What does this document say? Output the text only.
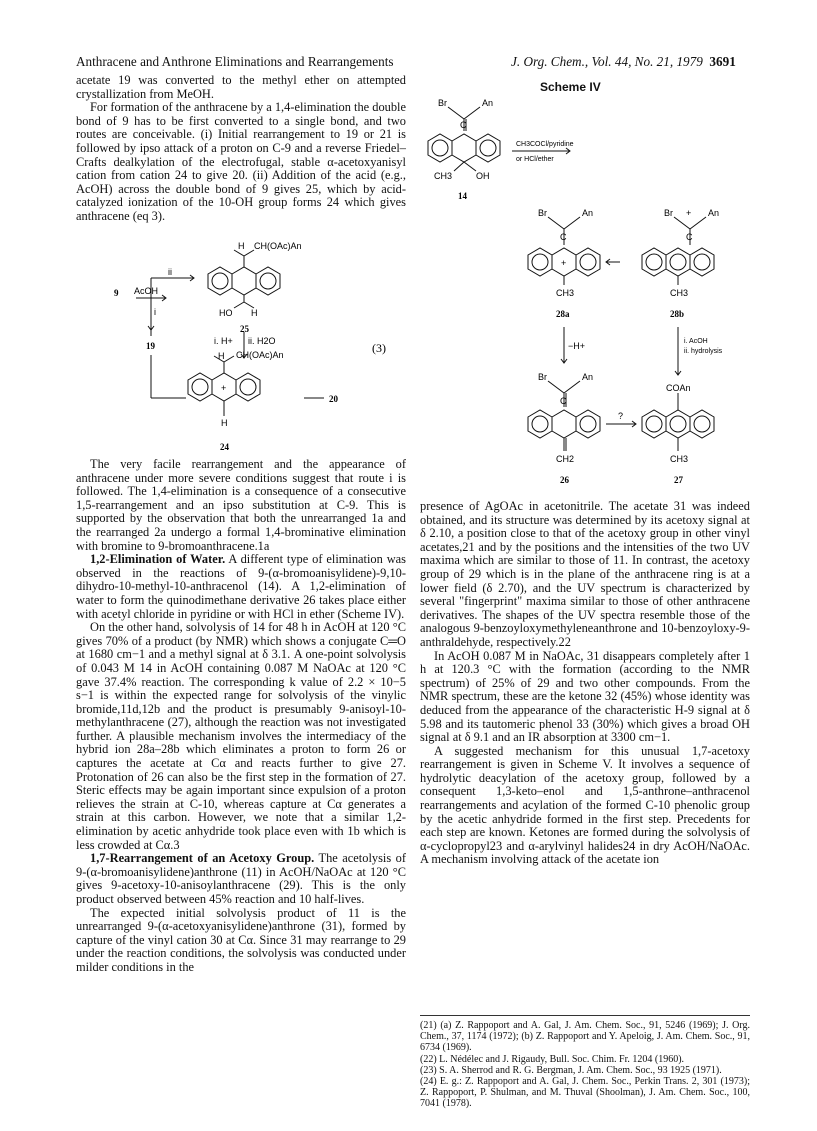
Anthracene and Anthrone Eliminations and Rearrangements	J. Org. Chem., Vol. 44, No. 21, 1979 3691

acetate 19 was converted to the methyl ether on attempted crystallization from MeOH.

For formation of the anthracene by a 1,4-elimination the double bond of 9 has to be first converted to a single bond, and two routes are conceivable. (i) Initial rearrangement to 19 or 21 is followed by ipso attack of a proton on C-9 and a reverse Friedel–Crafts dealkylation of the electrofugal, stable α-acetoxyanisyl cation from cation 24 to give 20. (ii) Addition of the acid (e.g., AcOH) across the double bond of 9 gives 25, which by acid-catalyzed ionization of the 10-OH group forms 24 which gives anthracene (eq 3).

H CH(OAc)An
HO H
25
9 AcOH
ii
i
19	i. H+ ii. H2O	(3)
H CH(OAc)An
+
H
20
24

The very facile rearrangement and the appearance of anthracene under more severe conditions suggest that route i is followed. The 1,4-elimination is a consequence of a consecutive 1,5-rearrangement and an ipso substitution at C-9. This is supported by the observation that both the unrearranged 1a and the rearranged 2a undergo a formal 1,4-brominative elimination with bromine to 9-bromoanthracene.1a

1,2-Elimination of Water. A different type of elimination was observed in the reactions of 9-(α-bromoanisylidene)-9,10-dihydro-10-methyl-10-anthracenol (14). A 1,2-elimination of water to form the quinodimethane derivative 26 takes place either with acetyl chloride in pyridine or with HCl in ether (Scheme IV).

On the other hand, solvolysis of 14 for 48 h in AcOH at 120 °C gives 70% of a product (by NMR) which shows a conjugate C═O at 1680 cm−1 and a methyl signal at δ 3.1. A one-point solvolysis of 0.043 M 14 in AcOH containing 0.087 M NaOAc at 120 °C gave 37.4% reaction. The corresponding k value of 2.2 × 10−5 s−1 is within the expected range for solvolysis of the vinylic bromide,11d,12b and the product is presumably 9-anisoyl-10-methylanthracene (27), although the reaction was not investigated further. A plausible mechanism involves the intermediacy of the hybrid ion 28a–28b which eliminates a proton to form 26 or captures the acetate at Cα and reacts further to give 27. Protonation of 26 can also be the first step in the formation of 27. Steric effects may be again important since expulsion of a proton relieves the strain at C-10, whereas capture at Cα generates a strain at this carbon. However, we note that a similar 1,2-elimination by acetic anhydride took place even with 1b which is less crowded at Cα.3

1,7-Rearrangement of an Acetoxy Group. The acetolysis of 9-(α-bromoanisylidene)anthrone (11) in AcOH/NaOAc at 120 °C gives 9-acetoxy-10-anisoylanthracene (29). This is the only product observed between 45% reaction and 10 half-lives.

The expected initial solvolysis product of 11 is the unrearranged 9-(α-acetoxyanisylidene)anthrone (31), formed by capture of the vinyl cation 30 at Cα. Since 31 may rearrange to 29 under the reaction conditions, the solvolysis was conducted under milder conditions in the

Scheme IV
Br	An
C
CH3	OH
14
CH3COCl/pyridine
or HCl/ether
Br	An
C
+
CH3
28a
Br + An
C
CH3
28b
−H+	i. AcOH
ii. hydrolysis
?
Br	An
C
CH2
26
COAn
CH3
27

presence of AgOAc in acetonitrile. The acetate 31 was indeed obtained, and its structure was determined by its acetoxy signal at δ 2.10, a position close to that of the acetoxy group in other vinyl acetates,21 and by the positions and the intensities of the two UV maxima which are similar to those of 11. In contrast, the acetoxy group of 29 which is in the plane of the anthracene ring is at a lower field (δ 2.70), and the UV spectrum is characterized by several "fingerprint" maxima similar to those of other anthracene derivatives. The shapes of the UV spectra resemble those of the analogous 9-benzoyloxymethyleneanthrone and 10-benzoyloxy-9-anthraldehyde, respectively.22

In AcOH 0.087 M in NaOAc, 31 disappears completely after 1 h at 120.3 °C with the formation (according to the NMR spectrum) of 25% of 29 and two other compounds. From the NMR spectrum, these are the ketone 32 (45%) whose identity was deduced from the appearance of the characteristic H-9 signal at δ 5.98 and its tautomeric phenol 33 (30%) which gives a broad OH signal at δ 9.1 and an IR absorption at 3300 cm−1.

A suggested mechanism for this unusual 1,7-acetoxy rearrangement is given in Scheme V. It involves a sequence of hydrolytic deacylation of the acetoxy group, followed by a consequent 1,3-keto–enol and 1,5-anthrone–anthracenol rearrangements and acylation of the formed C-10 phenolic group by the acetic anhydride formed in the first step. Precedents for each step are known. Ketones are formed during the solvolysis of α-cyclopropyl23 and α-arylvinyl halides24 in dry AcOH/NaOAc. A mechanism involving attack of the acetate ion

(21) (a) Z. Rappoport and A. Gal, J. Am. Chem. Soc., 91, 5246 (1969); J. Org. Chem., 37, 1174 (1972); (b) Z. Rappoport and Y. Apeloig, J. Am. Chem. Soc., 91, 6734 (1969).

(22) L. Nédélec and J. Rigaudy, Bull. Soc. Chim. Fr. 1204 (1960).

(23) S. A. Sherrod and R. G. Bergman, J. Am. Chem. Soc., 93 1925 (1971).

(24) E. g.: Z. Rappoport and A. Gal, J. Chem. Soc., Perkin Trans. 2, 301 (1973); Z. Rappoport, P. Shulman, and M. Thuval (Shoolman), J. Am. Chem. Soc., 100, 7041 (1978).
